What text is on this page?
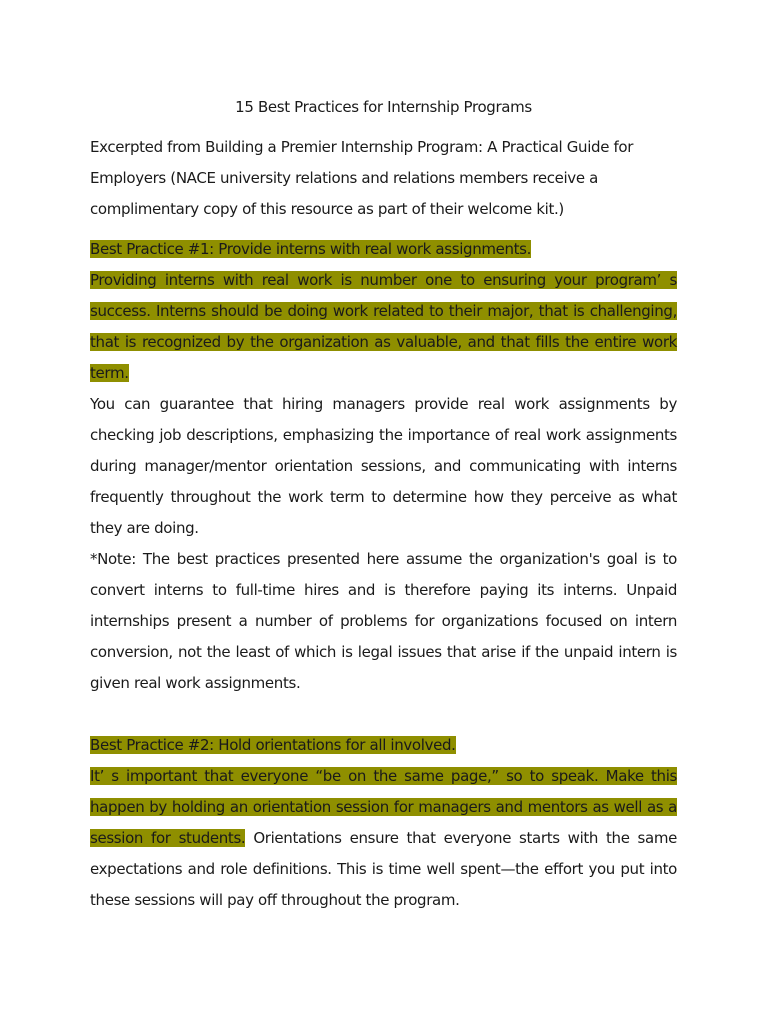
15 Best Practices for Internship Programs

Excerpted from Building a Premier Internship Program: A Practical Guide for Employers (NACE university relations and relations members receive a complimentary copy of this resource as part of their welcome kit.)

Best Practice #1: Provide interns with real work assignments.

Providing interns with real work is number one to ensuring your program’ s success. Interns should be doing work related to their major, that is challenging, that is recognized by the organization as valuable, and that fills the entire work term.

You can guarantee that hiring managers provide real work assignments by checking job descriptions, emphasizing the importance of real work assignments during manager/mentor orientation sessions, and communicating with interns frequently throughout the work term to determine how they perceive as what they are doing.

*Note: The best practices presented here assume the organization's goal is to convert interns to full-time hires and is therefore paying its interns. Unpaid internships present a number of problems for organizations focused on intern conversion, not the least of which is legal issues that arise if the unpaid intern is given real work assignments.

Best Practice #2: Hold orientations for all involved.

It’ s important that everyone “be on the same page,” so to speak. Make this happen by holding an orientation session for managers and mentors as well as a session for students. Orientations ensure that everyone starts with the same expectations and role definitions. This is time well spent—the effort you put into these sessions will pay off throughout the program.
